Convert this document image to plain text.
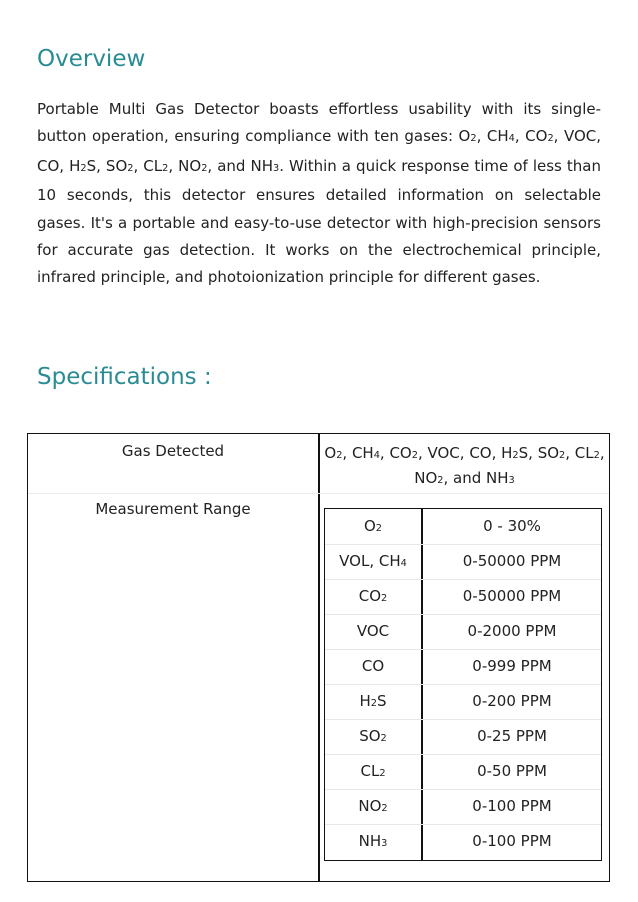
Overview

Portable Multi Gas Detector boasts effortless usability with its single-button operation, ensuring compliance with ten gases: O2, CH4, CO2, VOC, CO, H2S, SO2, CL2, NO2, and NH3. Within a quick response time of less than 10 seconds, this detector ensures detailed information on selectable gases. It's a portable and easy-to-use detector with high-precision sensors for accurate gas detection. It works on the electrochemical principle, infrared principle, and photoionization principle for different gases.

Specifications :
Gas Detected	O2, CH4, CO2, VOC, CO, H2S, SO2, CL2, NO2, and NH3
Measurement Range
O2	0 - 30%
VOL, CH4	0-50000 PPM
CO2	0-50000 PPM
VOC	0-2000 PPM
CO	0-999 PPM
H2S	0-200 PPM
SO2	0-25 PPM
CL2	0-50 PPM
NO2	0-100 PPM
NH3	0-100 PPM
